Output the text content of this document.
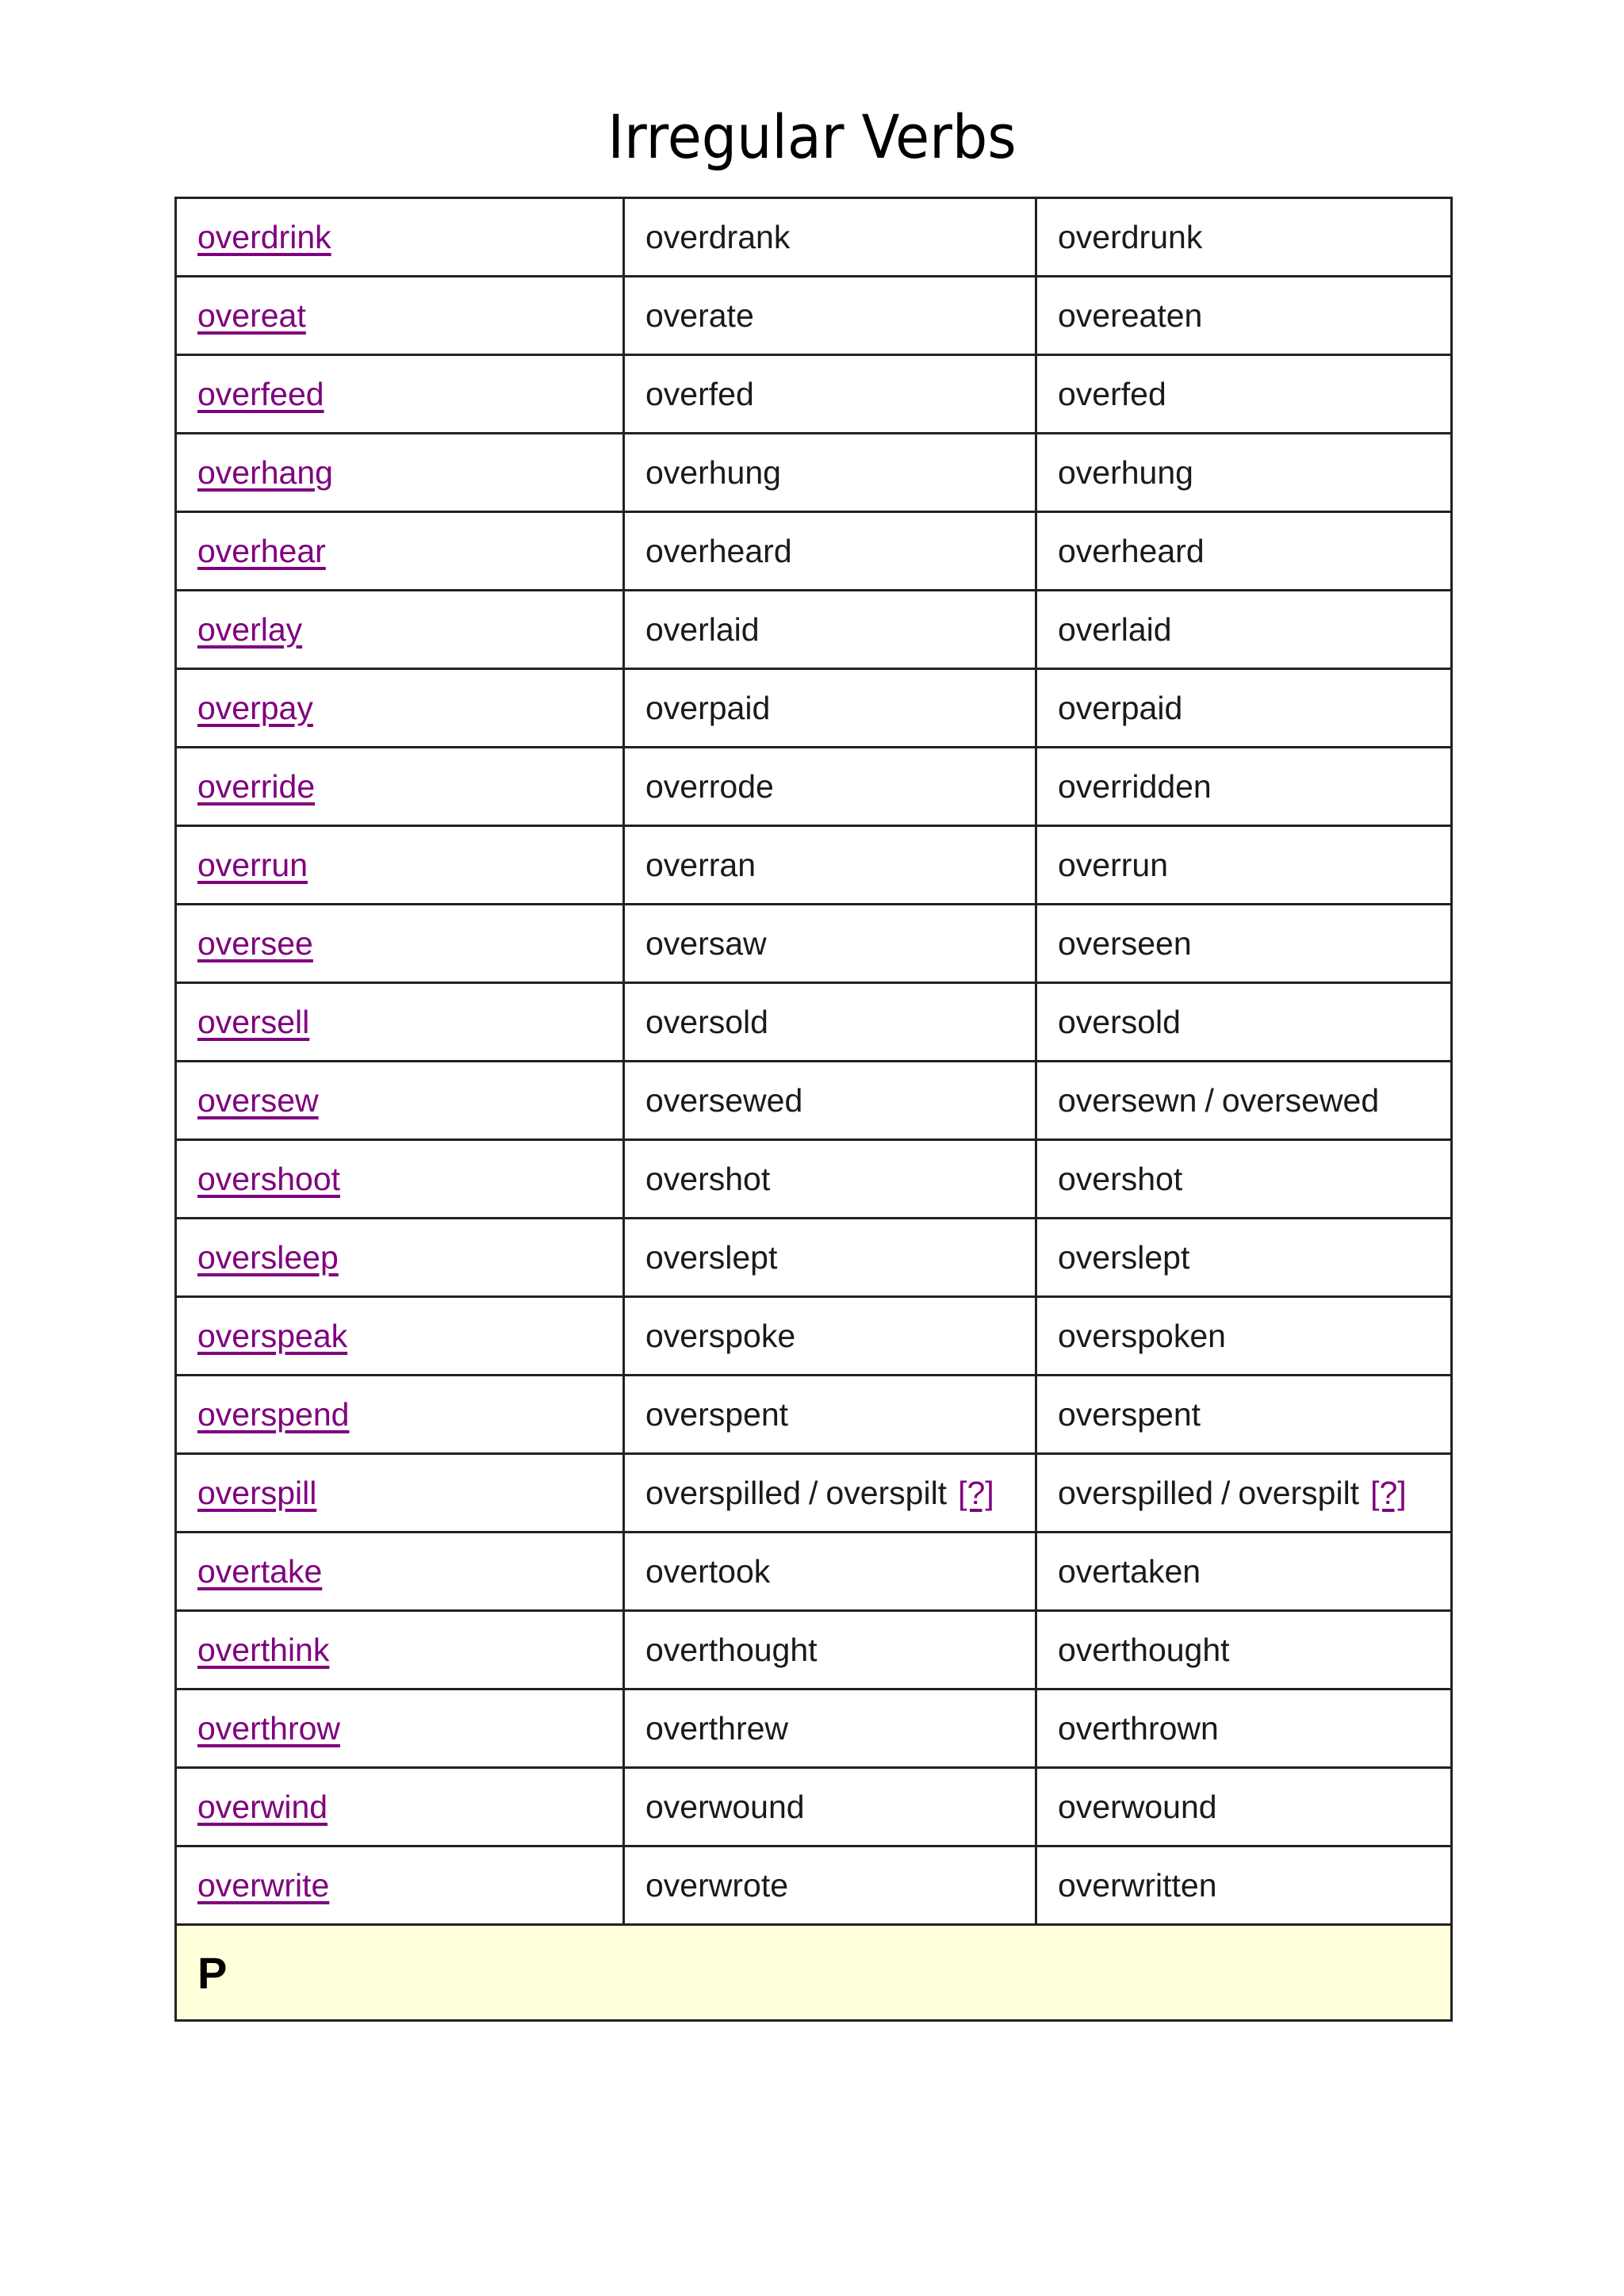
Irregular Verbs
overdrink	overdrank	overdrunk
overeat	overate	overeaten
overfeed	overfed	overfed
overhang	overhung	overhung
overhear	overheard	overheard
overlay	overlaid	overlaid
overpay	overpaid	overpaid
override	overrode	overridden
overrun	overran	overrun
oversee	oversaw	overseen
oversell	oversold	oversold
oversew	oversewed	oversewn / oversewed
overshoot	overshot	overshot
oversleep	overslept	overslept
overspeak	overspoke	overspoken
overspend	overspent	overspent
overspill	overspilled / overspilt [?]	overspilled / overspilt [?]
overtake	overtook	overtaken
overthink	overthought	overthought
overthrow	overthrew	overthrown
overwind	overwound	overwound
overwrite	overwrote	overwritten
P		
